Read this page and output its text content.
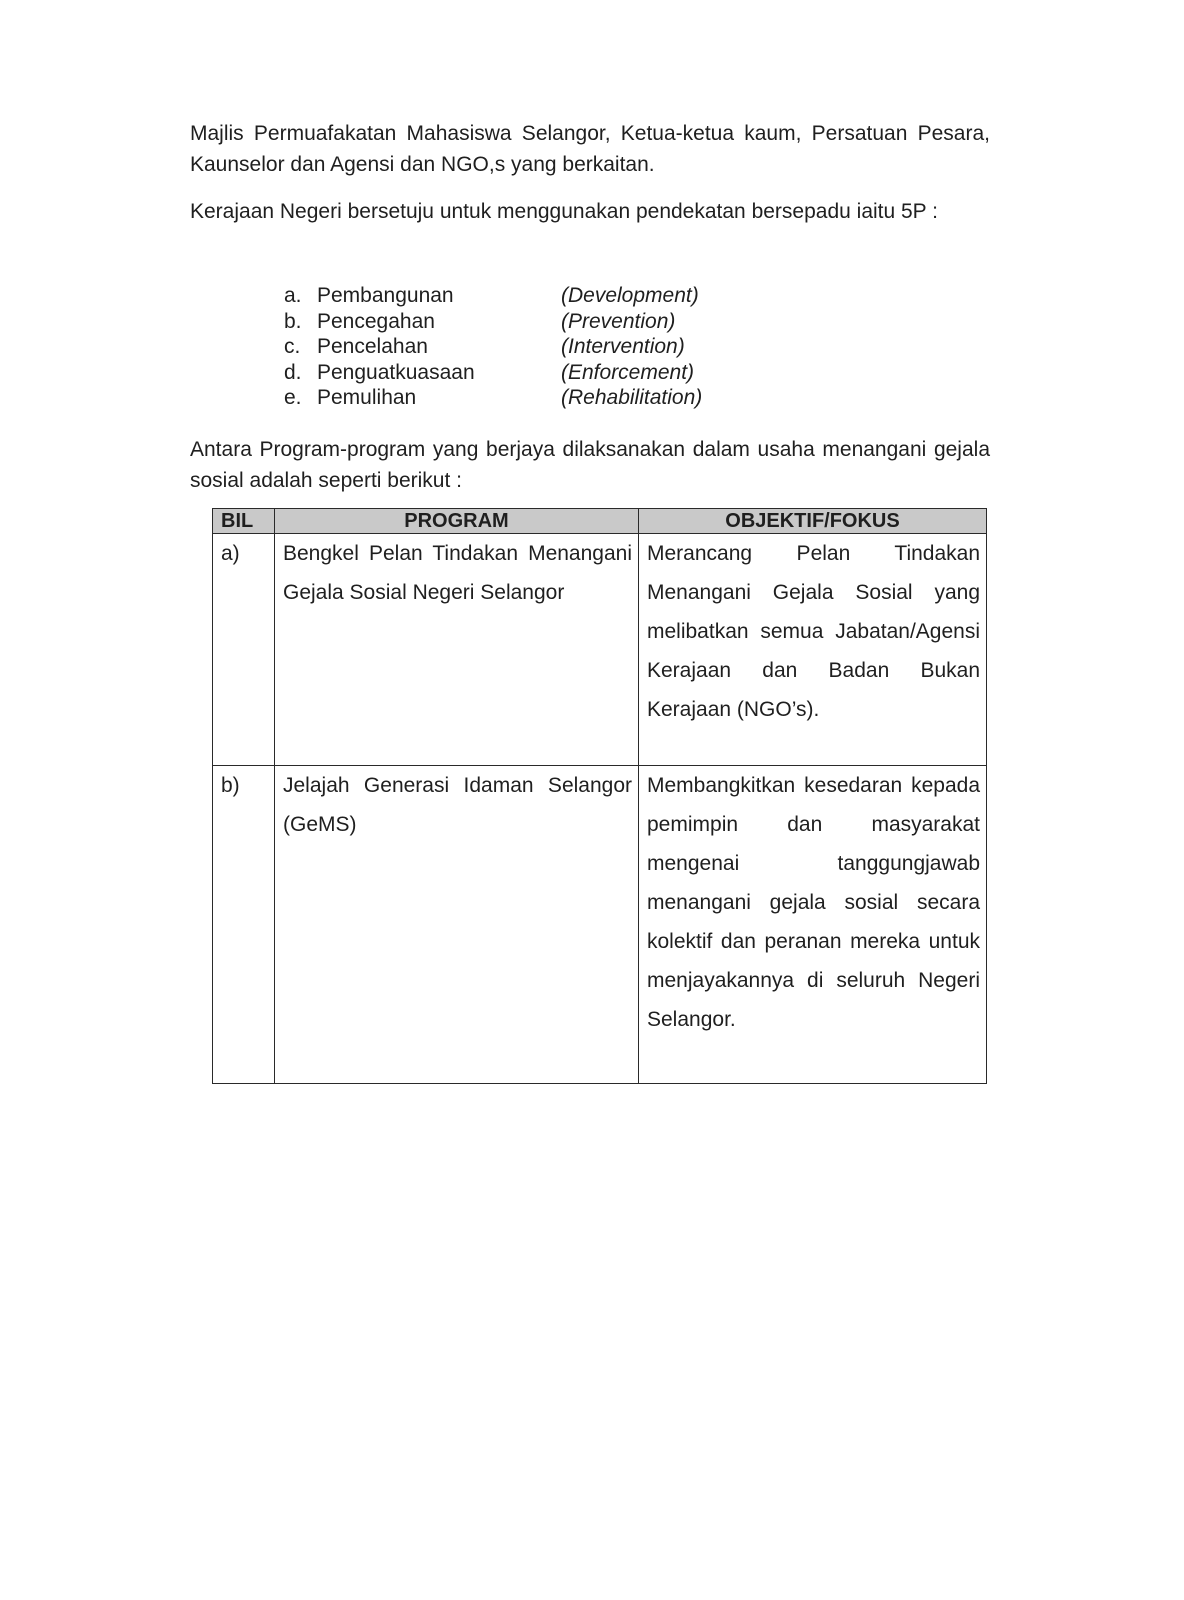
Majlis Permuafakatan Mahasiswa Selangor, Ketua-ketua kaum, Persatuan Pesara, Kaunselor dan Agensi dan NGO,s yang berkaitan.

Kerajaan Negeri bersetuju untuk menggunakan pendekatan bersepadu iaitu 5P :

a. Pembangunan	(Development)
b. Pencegahan	(Prevention)
c. Pencelahan	(Intervention)
d. Penguatkuasaan	(Enforcement)
e. Pemulihan	(Rehabilitation)

Antara Program-program yang berjaya dilaksanakan dalam usaha menangani gejala sosial adalah seperti berikut :

BIL	PROGRAM	OBJEKTIF/FOKUS
a)	Bengkel Pelan Tindakan Menangani Gejala Sosial Negeri Selangor	Merancang Pelan Tindakan Menangani Gejala Sosial yang melibatkan semua Jabatan/Agensi Kerajaan dan Badan Bukan Kerajaan (NGO’s).
b)	Jelajah Generasi Idaman Selangor (GeMS)	Membangkitkan kesedaran kepada pemimpin dan masyarakat mengenai tanggungjawab menangani gejala sosial secara kolektif dan peranan mereka untuk menjayakannya di seluruh Negeri Selangor.
